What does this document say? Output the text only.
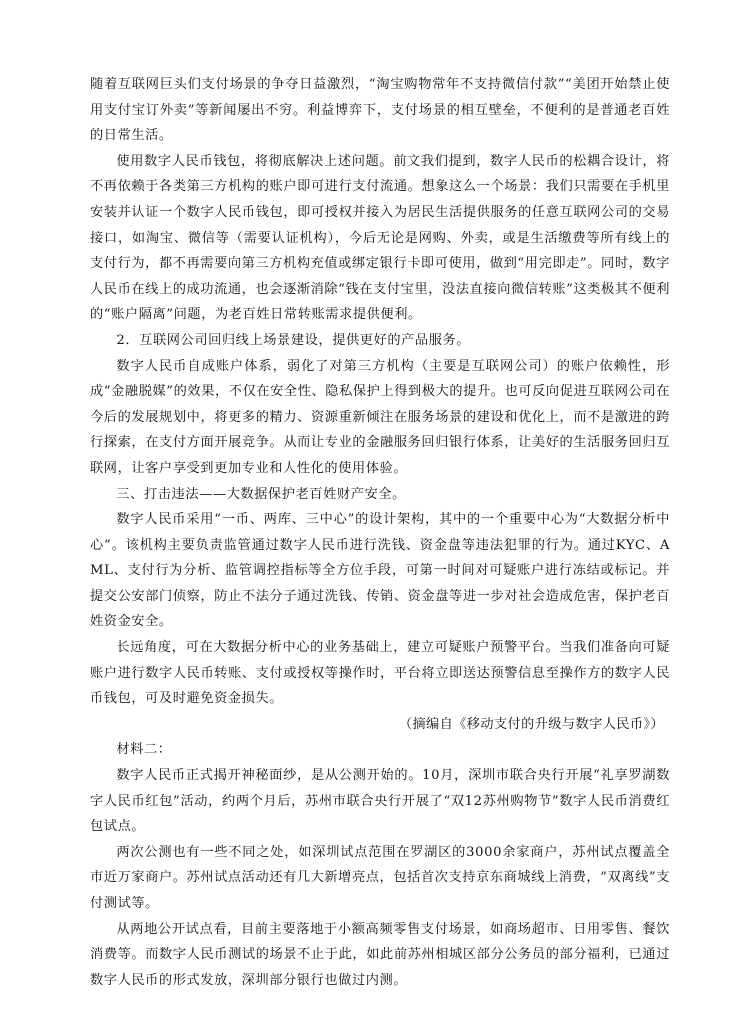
随着互联网巨头们支付场景的争夺日益激烈，“淘宝购物常年不支持微信付款”“美团开始禁止使用支付宝订外卖”等新闻屡出不穷。利益博弈下，支付场景的相互壁垒，不便利的是普通老百姓的日常生活。

使用数字人民币钱包，将彻底解决上述问题。前文我们提到，数字人民币的松耦合设计，将不再依赖于各类第三方机构的账户即可进行支付流通。想象这么一个场景：我们只需要在手机里安装并认证一个数字人民币钱包，即可授权并接入为居民生活提供服务的任意互联网公司的交易接口，如淘宝、微信等（需要认证机构），今后无论是网购、外卖，或是生活缴费等所有线上的支付行为，都不再需要向第三方机构充值或绑定银行卡即可使用，做到“用完即走”。同时，数字人民币在线上的成功流通，也会逐渐消除“钱在支付宝里，没法直接向微信转账”这类极其不便利的“账户隔离”问题，为老百姓日常转账需求提供便利。

2．互联网公司回归线上场景建设，提供更好的产品服务。

数字人民币自成账户体系，弱化了对第三方机构（主要是互联网公司）的账户依赖性，形成“金融脱媒”的效果，不仅在安全性、隐私保护上得到极大的提升。也可反向促进互联网公司在今后的发展规划中，将更多的精力、资源重新倾注在服务场景的建设和优化上，而不是激进的跨行探索，在支付方面开展竞争。从而让专业的金融服务回归银行体系，让美好的生活服务回归互联网，让客户享受到更加专业和人性化的使用体验。

三、打击违法——大数据保护老百姓财产安全。

数字人民币采用“一币、两库、三中心”的设计架构，其中的一个重要中心为“大数据分析中心”。该机构主要负责监管通过数字人民币进行洗钱、资金盘等违法犯罪的行为。通过KYC、AML、支付行为分析、监管调控指标等全方位手段，可第一时间对可疑账户进行冻结或标记。并提交公安部门侦察，防止不法分子通过洗钱、传销、资金盘等进一步对社会造成危害，保护老百姓资金安全。

长远角度，可在大数据分析中心的业务基础上，建立可疑账户预警平台。当我们准备向可疑账户进行数字人民币转账、支付或授权等操作时，平台将立即送达预警信息至操作方的数字人民币钱包，可及时避免资金损失。

（摘编自《移动支付的升级与数字人民币》）

材料二：

数字人民币正式揭开神秘面纱，是从公测开始的。10月，深圳市联合央行开展“礼享罗湖数字人民币红包”活动，约两个月后，苏州市联合央行开展了“双12苏州购物节”数字人民币消费红包试点。

两次公测也有一些不同之处，如深圳试点范围在罗湖区的3000余家商户，苏州试点覆盖全市近万家商户。苏州试点活动还有几大新增亮点，包括首次支持京东商城线上消费，“双离线”支付测试等。

从两地公开试点看，目前主要落地于小额高频零售支付场景，如商场超市、日用零售、餐饮消费等。而数字人民币测试的场景不止于此，如此前苏州相城区部分公务员的部分福利，已通过数字人民币的形式发放，深圳部分银行也做过内测。
